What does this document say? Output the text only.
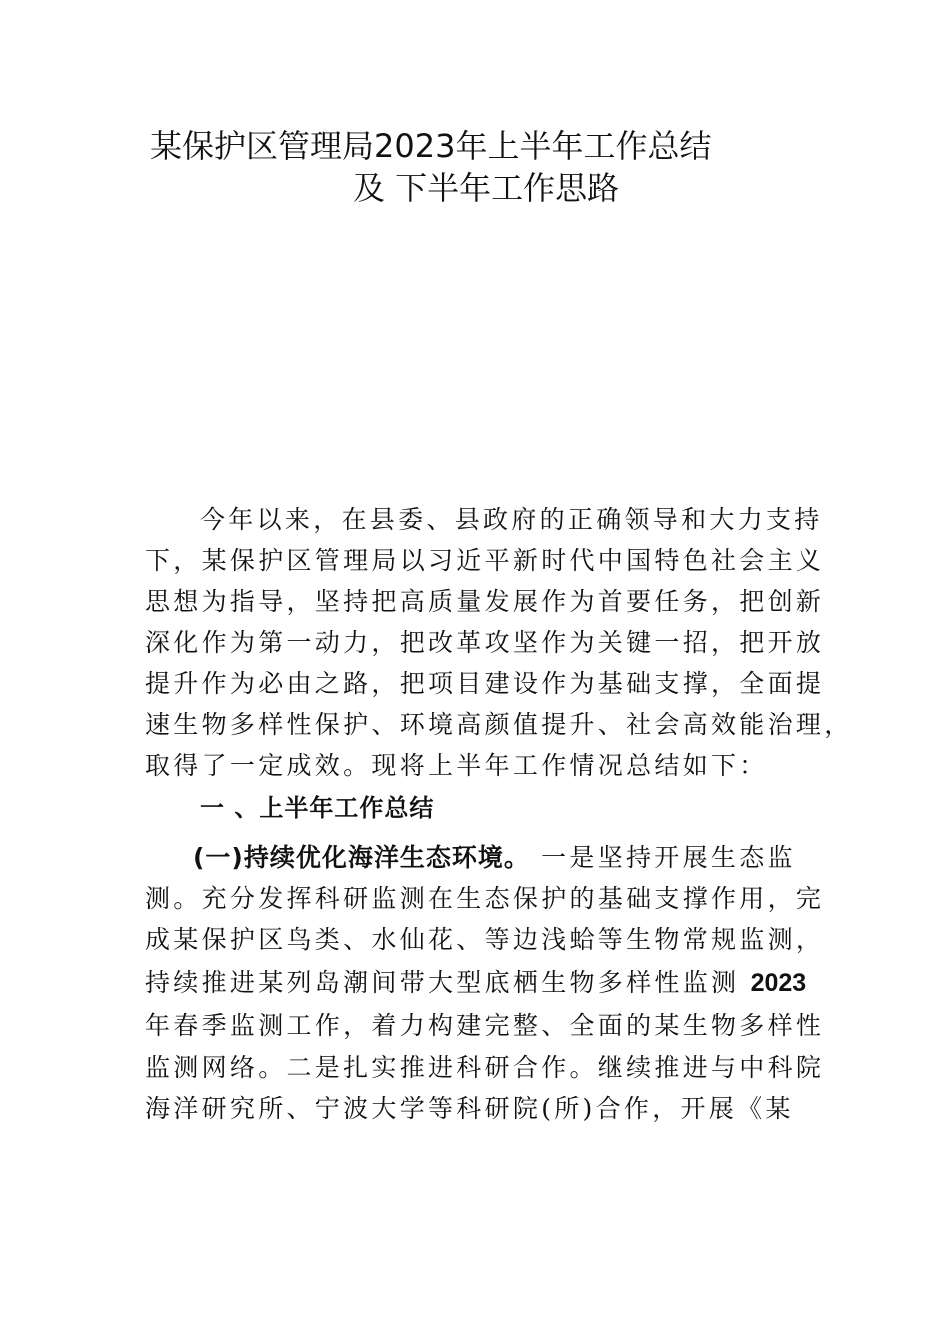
某保护区管理局2023年上半年工作总结
及 下半年工作思路
今年以来，在县委、县政府的正确领导和大力支持
下，某保护区管理局以习近平新时代中国特色社会主义
思想为指导，坚持把高质量发展作为首要任务，把创新
深化作为第一动力，把改革攻坚作为关键一招，把开放
提升作为必由之路，把项目建设作为基础支撑，全面提
速生物多样性保护、环境高颜值提升、社会高效能治理，
取得了一定成效。现将上半年工作情况总结如下：
一 、上半年工作总结
(一)持续优化海洋生态环境。 一是坚持开展生态监
测。充分发挥科研监测在生态保护的基础支撑作用，完
成某保护区鸟类、水仙花、等边浅蛤等生物常规监测，
持续推进某列岛潮间带大型底栖生物多样性监测 2023
年春季监测工作，着力构建完整、全面的某生物多样性
监测网络。二是扎实推进科研合作。继续推进与中科院
海洋研究所、宁波大学等科研院(所)合作，开展《某
